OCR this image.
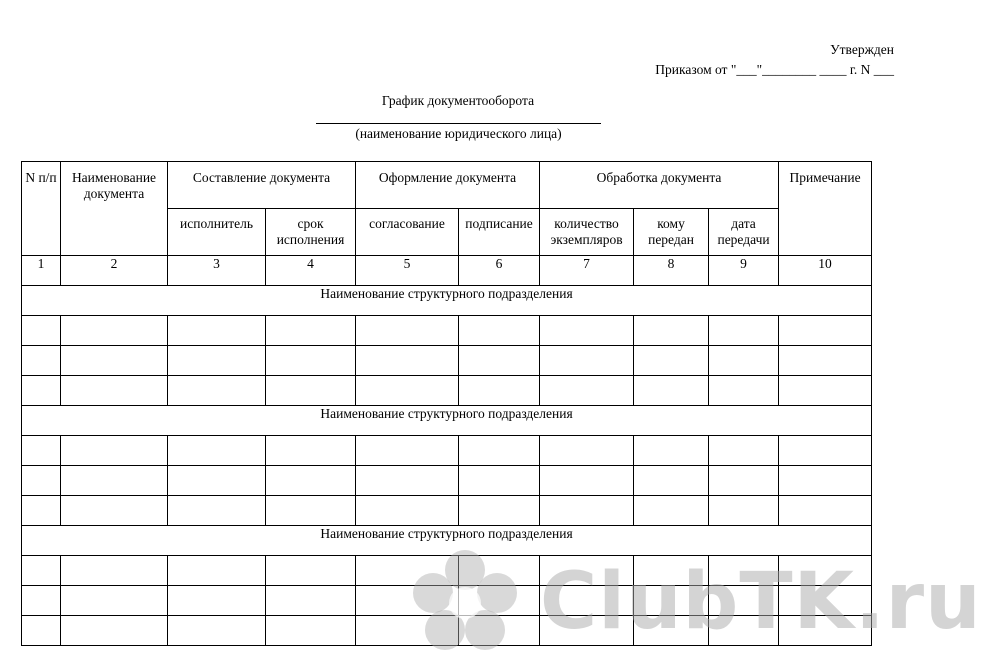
Утвержден
Приказом от "___"________ ____ г. N ___
График документооборота
(наименование юридического лица)
N п/п	Наименование документа	Составление документа		Оформление документа		Обработка документа			Примечание
		исполнитель	срок исполнения	согласование	подписание	количество экземпляров	кому передан	дата передачи	
1	2	3	4	5	6	7	8	9	10
Наименование структурного подразделения									

Наименование структурного подразделения									

Наименование структурного подразделения									

ClubTK.ru
